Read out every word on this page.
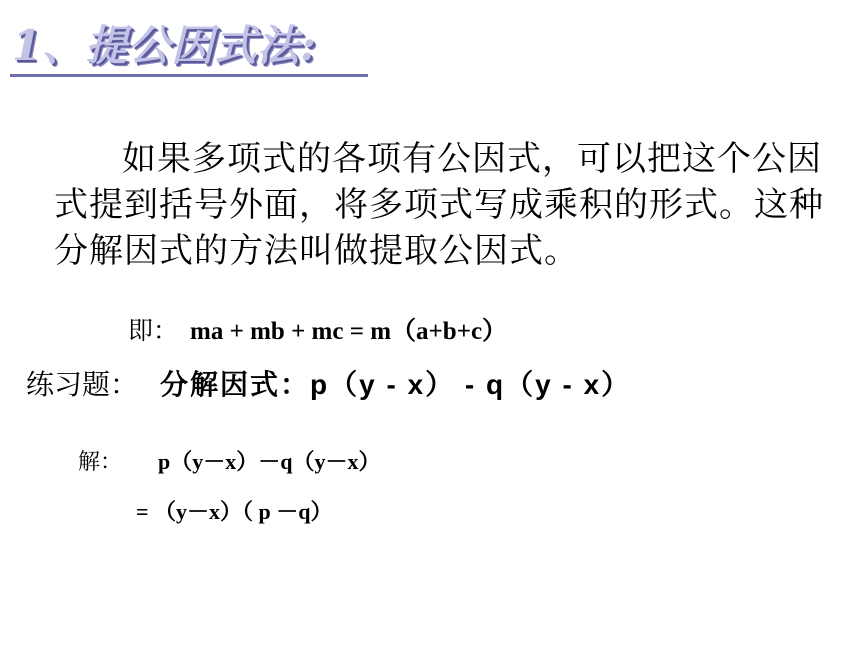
1、提公因式法:

如果多项式的各项有公因式，可以把这个公因式提到括号外面，将多项式写成乘积的形式。这种分解因式的方法叫做提取公因式。

即： ma + mb + mc = m（a+b+c）
练习题： 分解因式：p（y - x） - q（y - x）
解： p（y－x）－q（y－x）
= （y－x）（ p －q）
